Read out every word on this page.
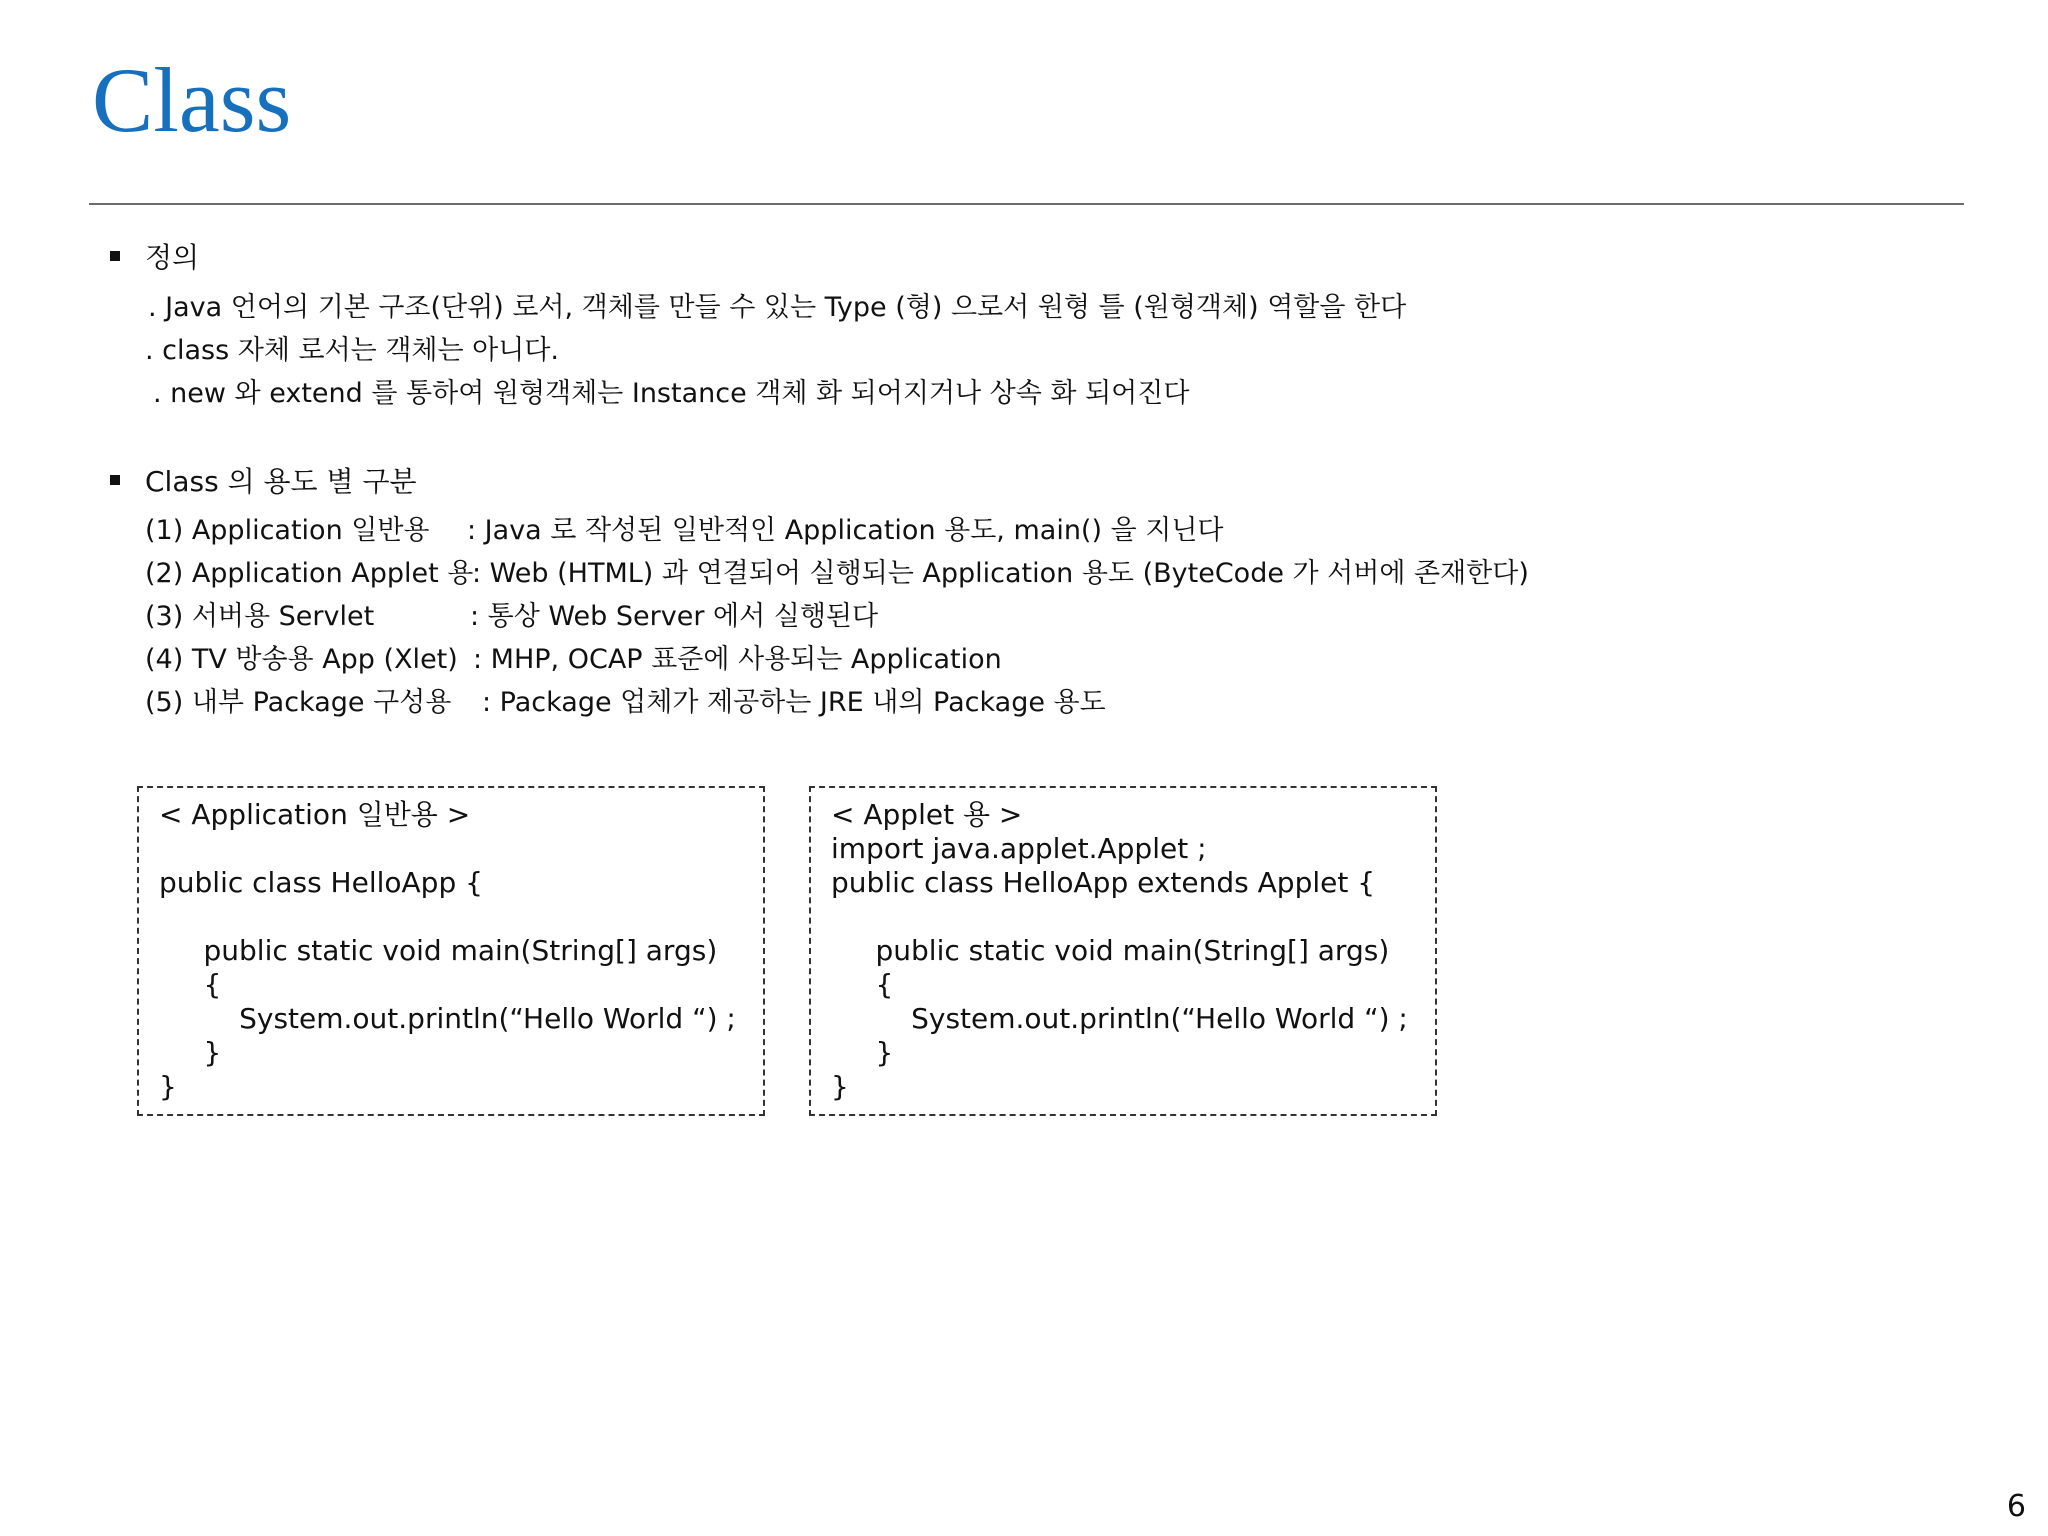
Class
정의
. Java 언어의 기본 구조(단위) 로서, 객체를 만들 수 있는 Type (형) 으로서 원형 틀 (원형객체) 역할을 한다
. class 자체 로서는 객체는 아니다.
. new 와 extend 를 통하여 원형객체는 Instance 객체 화 되어지거나 상속 화 되어진다
Class 의 용도 별 구분
(1) Application 일반용 : Java 로 작성된 일반적인 Application 용도, main() 을 지닌다
(2) Application Applet 용
: Web (HTML) 과 연결되어 실행되는 Application 용도 (ByteCode 가 서버에 존재한다)
(3) 서버용 Servlet	: 통상 Web Server 에서 실행된다
(4) TV 방송용 App (Xlet) : MHP, OCAP 표준에 사용되는 Application
(5) 내부 Package 구성용 : Package 업체가 제공하는 JRE 내의 Package 용도
< Application 일반용 >
public class HelloApp {
public static void main(String[] args)
{
System.out.println(“Hello World “) ;
}
}
< Applet 용 >
import java.applet.Applet ;
public class HelloApp extends Applet {
public static void main(String[] args)
{
System.out.println(“Hello World “) ;
}
}
6
